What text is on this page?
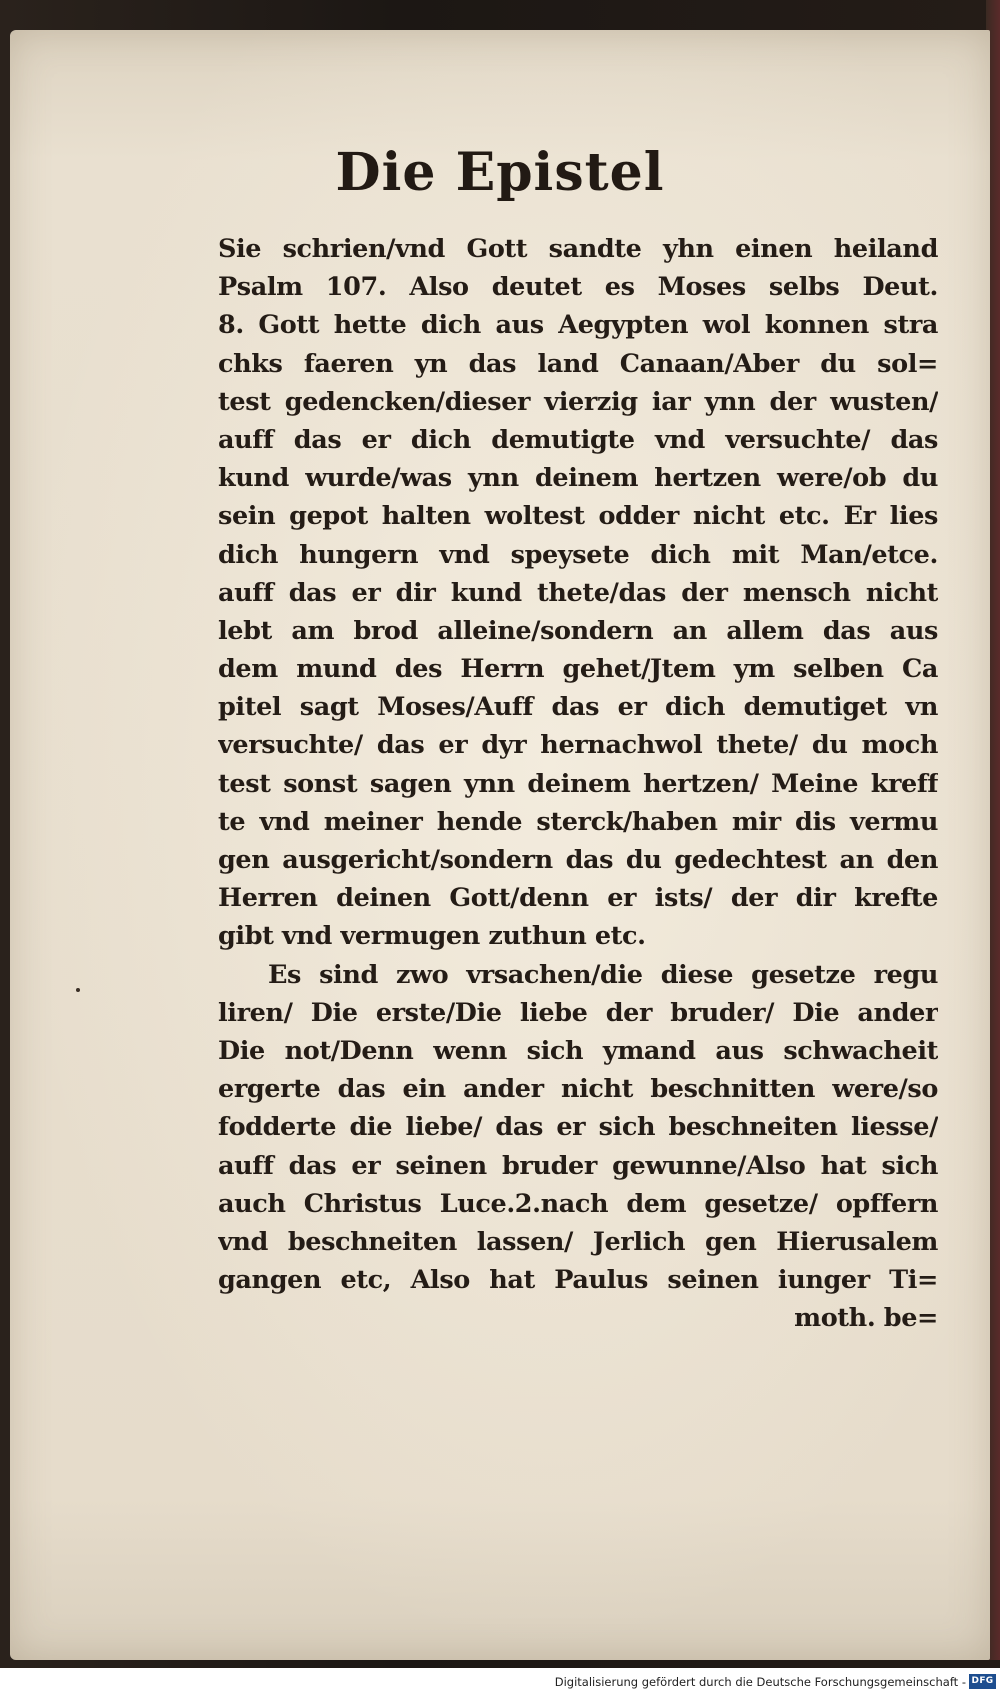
Die Epistel
Sie schrien/vnd Gott sandte yhn einen heiland
Psalm 107. Also deutet es Moses selbs Deut.
8. Gott hette dich aus Aegypten wol konnen stra
chks faeren yn das land Canaan/Aber du sol=
test gedencken/dieser vierzig iar ynn der wusten/
auff das er dich demutigte vnd versuchte/ das
kund wurde/was ynn deinem hertzen were/ob du
sein gepot halten woltest odder nicht etc. Er lies
dich hungern vnd speysete dich mit Man/etce.
auff das er dir kund thete/das der mensch nicht
lebt am brod alleine/sondern an allem das aus
dem mund des Herrn gehet/Jtem ym selben Ca
pitel sagt Moses/Auff das er dich demutiget vn
versuchte/ das er dyr hernachwol thete/ du moch
test sonst sagen ynn deinem hertzen/ Meine kreff
te vnd meiner hende sterck/haben mir dis vermu
gen ausgericht/sondern das du gedechtest an den
Herren deinen Gott/denn er ists/ der dir krefte
gibt vnd vermugen zuthun etc.
Es sind zwo vrsachen/die diese gesetze regu
liren/ Die erste/Die liebe der bruder/ Die ander
Die not/Denn wenn sich ymand aus schwacheit
ergerte das ein ander nicht beschnitten were/so
fodderte die liebe/ das er sich beschneiten liesse/
auff das er seinen bruder gewunne/Also hat sich
auch Christus Luce.2.nach dem gesetze/ opffern
vnd beschneiten lassen/ Jerlich gen Hierusalem
gangen etc, Also hat Paulus seinen iunger Ti=
moth. be=
Digitalisierung gefördert durch die Deutsche Forschungsgemeinschaft - DFG
